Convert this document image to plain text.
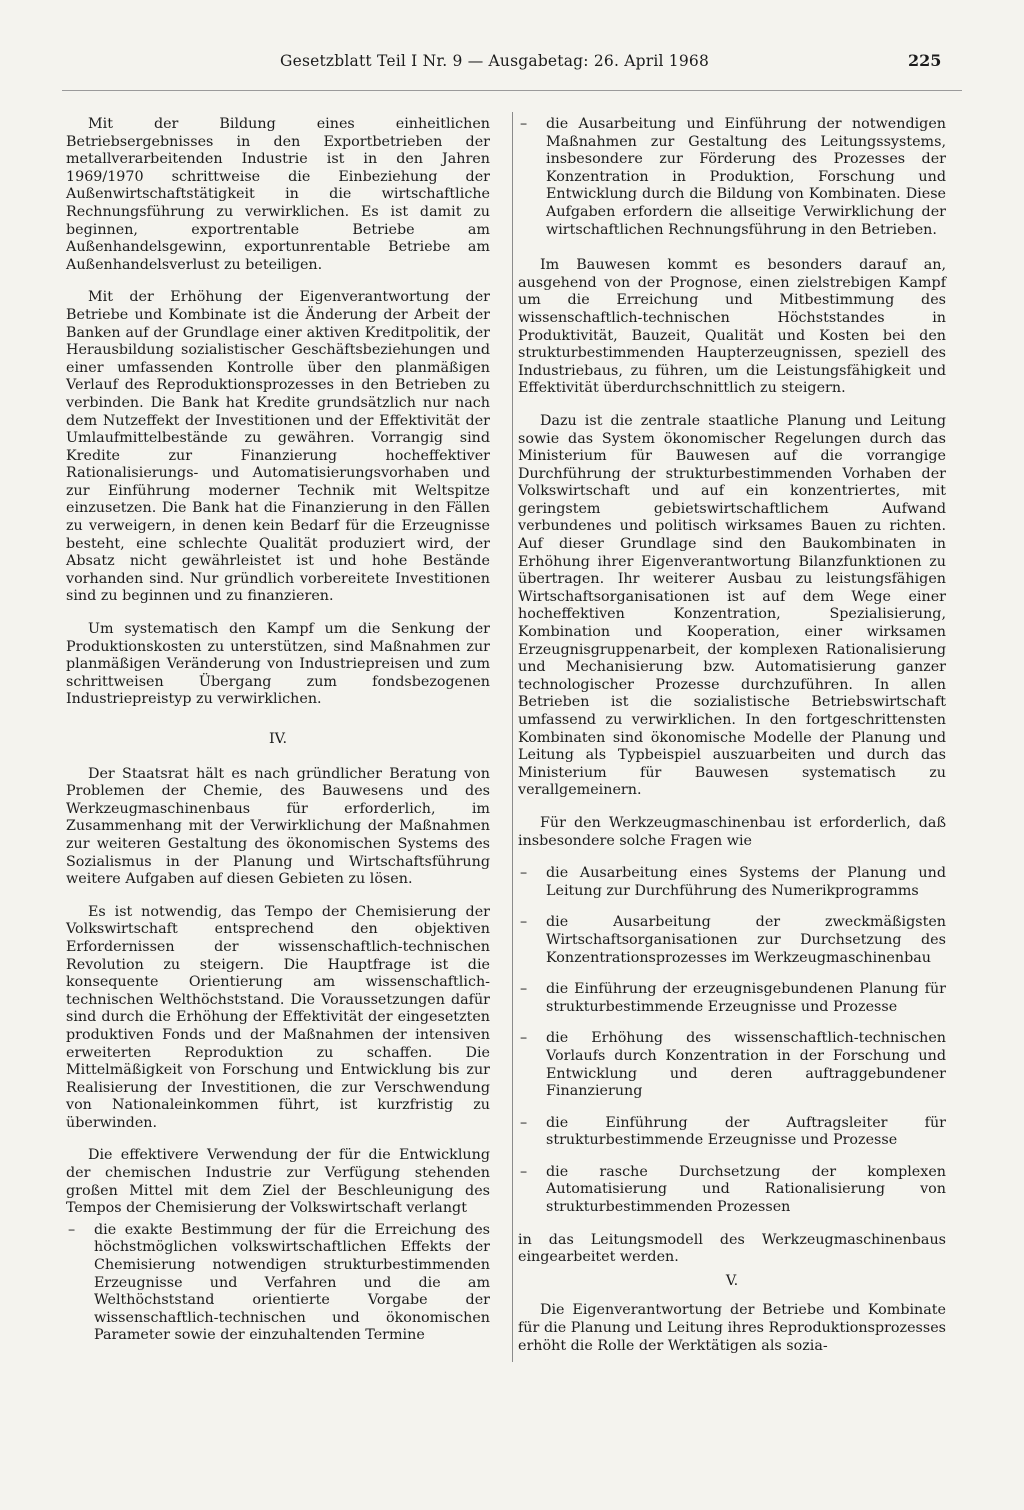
Gesetzblatt Teil I Nr. 9 — Ausgabetag: 26. April 1968	225

Mit der Bildung eines einheitlichen Betriebsergebnisses in den Exportbetrieben der metallverarbeitenden Industrie ist in den Jahren 1969/1970 schrittweise die Einbeziehung der Außenwirtschaftstätigkeit in die wirtschaftliche Rechnungsführung zu verwirklichen. Es ist damit zu beginnen, exportrentable Betriebe am Außenhandelsgewinn, exportunrentable Betriebe am Außenhandelsverlust zu beteiligen.

Mit der Erhöhung der Eigenverantwortung der Betriebe und Kombinate ist die Änderung der Arbeit der Banken auf der Grundlage einer aktiven Kreditpolitik, der Herausbildung sozialistischer Geschäftsbeziehungen und einer umfassenden Kontrolle über den planmäßigen Verlauf des Reproduktionsprozesses in den Betrieben zu verbinden. Die Bank hat Kredite grundsätzlich nur nach dem Nutzeffekt der Investitionen und der Effektivität der Umlaufmittelbestände zu gewähren. Vorrangig sind Kredite zur Finanzierung hocheffektiver Rationalisierungs- und Automatisierungsvorhaben und zur Einführung moderner Technik mit Weltspitze einzusetzen. Die Bank hat die Finanzierung in den Fällen zu verweigern, in denen kein Bedarf für die Erzeugnisse besteht, eine schlechte Qualität produziert wird, der Absatz nicht gewährleistet ist und hohe Bestände vorhanden sind. Nur gründlich vorbereitete Investitionen sind zu beginnen und zu finanzieren.

Um systematisch den Kampf um die Senkung der Produktionskosten zu unterstützen, sind Maßnahmen zur planmäßigen Veränderung von Industriepreisen und zum schrittweisen Übergang zum fondsbezogenen Industriepreistyp zu verwirklichen.

IV.

Der Staatsrat hält es nach gründlicher Beratung von Problemen der Chemie, des Bauwesens und des Werkzeugmaschinenbaus für erforderlich, im Zusammenhang mit der Verwirklichung der Maßnahmen zur weiteren Gestaltung des ökonomischen Systems des Sozialismus in der Planung und Wirtschaftsführung weitere Aufgaben auf diesen Gebieten zu lösen.

Es ist notwendig, das Tempo der Chemisierung der Volkswirtschaft entsprechend den objektiven Erfordernissen der wissenschaftlich-technischen Revolution zu steigern. Die Hauptfrage ist die konsequente Orientierung am wissenschaftlich-technischen Welthöchststand. Die Voraussetzungen dafür sind durch die Erhöhung der Effektivität der eingesetzten produktiven Fonds und der Maßnahmen der intensiven erweiterten Reproduktion zu schaffen. Die Mittelmäßigkeit von Forschung und Entwicklung bis zur Realisierung der Investitionen, die zur Verschwendung von Nationaleinkommen führt, ist kurzfristig zu überwinden.

Die effektivere Verwendung der für die Entwicklung der chemischen Industrie zur Verfügung stehenden großen Mittel mit dem Ziel der Beschleunigung des Tempos der Chemisierung der Volkswirtschaft verlangt

– die exakte Bestimmung der für die Erreichung des höchstmöglichen volkswirtschaftlichen Effekts der Chemisierung notwendigen strukturbestimmenden Erzeugnisse und Verfahren und die am Welthöchststand orientierte Vorgabe der wissenschaftlich-technischen und ökonomischen Parameter sowie der einzuhaltenden Termine
– die Ausarbeitung und Einführung der notwendigen Maßnahmen zur Gestaltung des Leitungssystems, insbesondere zur Förderung des Prozesses der Konzentration in Produktion, Forschung und Entwicklung durch die Bildung von Kombinaten. Diese Aufgaben erfordern die allseitige Verwirklichung der wirtschaftlichen Rechnungsführung in den Betrieben.

Im Bauwesen kommt es besonders darauf an, ausgehend von der Prognose, einen zielstrebigen Kampf um die Erreichung und Mitbestimmung des wissenschaftlich-technischen Höchststandes in Produktivität, Bauzeit, Qualität und Kosten bei den strukturbestimmenden Haupterzeugnissen, speziell des Industriebaus, zu führen, um die Leistungsfähigkeit und Effektivität überdurchschnittlich zu steigern.

Dazu ist die zentrale staatliche Planung und Leitung sowie das System ökonomischer Regelungen durch das Ministerium für Bauwesen auf die vorrangige Durchführung der strukturbestimmenden Vorhaben der Volkswirtschaft und auf ein konzentriertes, mit geringstem gebietswirtschaftlichem Aufwand verbundenes und politisch wirksames Bauen zu richten. Auf dieser Grundlage sind den Baukombinaten in Erhöhung ihrer Eigenverantwortung Bilanzfunktionen zu übertragen. Ihr weiterer Ausbau zu leistungsfähigen Wirtschaftsorganisationen ist auf dem Wege einer hocheffektiven Konzentration, Spezialisierung, Kombination und Kooperation, einer wirksamen Erzeugnisgruppenarbeit, der komplexen Rationalisierung und Mechanisierung bzw. Automatisierung ganzer technologischer Prozesse durchzuführen. In allen Betrieben ist die sozialistische Betriebswirtschaft umfassend zu verwirklichen. In den fortgeschrittensten Kombinaten sind ökonomische Modelle der Planung und Leitung als Typbeispiel auszuarbeiten und durch das Ministerium für Bauwesen systematisch zu verallgemeinern.

Für den Werkzeugmaschinenbau ist erforderlich, daß insbesondere solche Fragen wie

– die Ausarbeitung eines Systems der Planung und Leitung zur Durchführung des Numerikprogramms
– die Ausarbeitung der zweckmäßigsten Wirtschaftsorganisationen zur Durchsetzung des Konzentrationsprozesses im Werkzeugmaschinenbau
– die Einführung der erzeugnisgebundenen Planung für strukturbestimmende Erzeugnisse und Prozesse
– die Erhöhung des wissenschaftlich-technischen Vorlaufs durch Konzentration in der Forschung und Entwicklung und deren auftraggebundener Finanzierung
– die Einführung der Auftragsleiter für strukturbestimmende Erzeugnisse und Prozesse
– die rasche Durchsetzung der komplexen Automatisierung und Rationalisierung von strukturbestimmenden Prozessen

in das Leitungsmodell des Werkzeugmaschinenbaus eingearbeitet werden.

V.

Die Eigenverantwortung der Betriebe und Kombinate für die Planung und Leitung ihres Reproduktionsprozesses erhöht die Rolle der Werktätigen als sozia-
